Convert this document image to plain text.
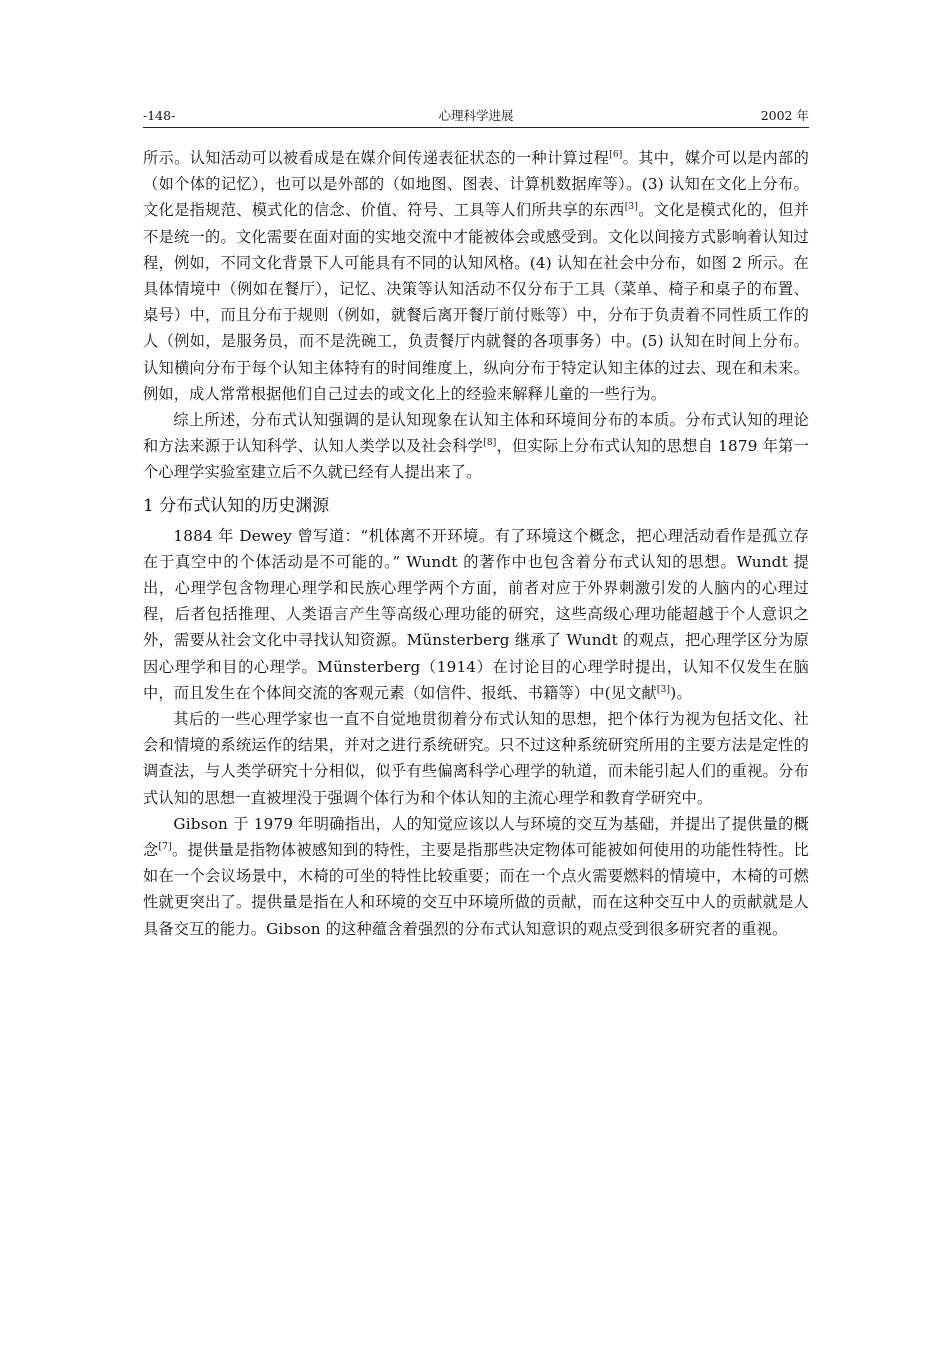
-148-	心理科学进展	2002 年

所示。认知活动可以被看成是在媒介间传递表征状态的一种计算过程[6]。其中，媒介可以是内部的（如个体的记忆），也可以是外部的（如地图、图表、计算机数据库等）。(3) 认知在文化上分布。文化是指规范、模式化的信念、价值、符号、工具等人们所共享的东西[3]。文化是模式化的，但并不是统一的。文化需要在面对面的实地交流中才能被体会或感受到。文化以间接方式影响着认知过程，例如，不同文化背景下人可能具有不同的认知风格。(4) 认知在社会中分布，如图 2 所示。在具体情境中（例如在餐厅），记忆、决策等认知活动不仅分布于工具（菜单、椅子和桌子的布置、桌号）中，而且分布于规则（例如，就餐后离开餐厅前付账等）中，分布于负责着不同性质工作的人（例如，是服务员，而不是洗碗工，负责餐厅内就餐的各项事务）中。(5) 认知在时间上分布。认知横向分布于每个认知主体特有的时间维度上，纵向分布于特定认知主体的过去、现在和未来。例如，成人常常根据他们自己过去的或文化上的经验来解释儿童的一些行为。

综上所述，分布式认知强调的是认知现象在认知主体和环境间分布的本质。分布式认知的理论和方法来源于认知科学、认知人类学以及社会科学[8]，但实际上分布式认知的思想自 1879 年第一个心理学实验室建立后不久就已经有人提出来了。

1 分布式认知的历史渊源

1884 年 Dewey 曾写道：“机体离不开环境。有了环境这个概念，把心理活动看作是孤立存在于真空中的个体活动是不可能的。” Wundt 的著作中也包含着分布式认知的思想。Wundt 提出，心理学包含物理心理学和民族心理学两个方面，前者对应于外界刺激引发的人脑内的心理过程，后者包括推理、人类语言产生等高级心理功能的研究，这些高级心理功能超越于个人意识之外，需要从社会文化中寻找认知资源。Münsterberg 继承了 Wundt 的观点，把心理学区分为原因心理学和目的心理学。Münsterberg（1914）在讨论目的心理学时提出，认知不仅发生在脑中，而且发生在个体间交流的客观元素（如信件、报纸、书籍等）中(见文献[3])。

其后的一些心理学家也一直不自觉地贯彻着分布式认知的思想，把个体行为视为包括文化、社会和情境的系统运作的结果，并对之进行系统研究。只不过这种系统研究所用的主要方法是定性的调查法，与人类学研究十分相似，似乎有些偏离科学心理学的轨道，而未能引起人们的重视。分布式认知的思想一直被埋没于强调个体行为和个体认知的主流心理学和教育学研究中。

Gibson 于 1979 年明确指出，人的知觉应该以人与环境的交互为基础，并提出了提供量的概念[7]。提供量是指物体被感知到的特性，主要是指那些决定物体可能被如何使用的功能性特性。比如在一个会议场景中，木椅的可坐的特性比较重要；而在一个点火需要燃料的情境中，木椅的可燃性就更突出了。提供量是指在人和环境的交互中环境所做的贡献，而在这种交互中人的贡献就是人具备交互的能力。Gibson 的这种蕴含着强烈的分布式认知意识的观点受到很多研究者的重视。
